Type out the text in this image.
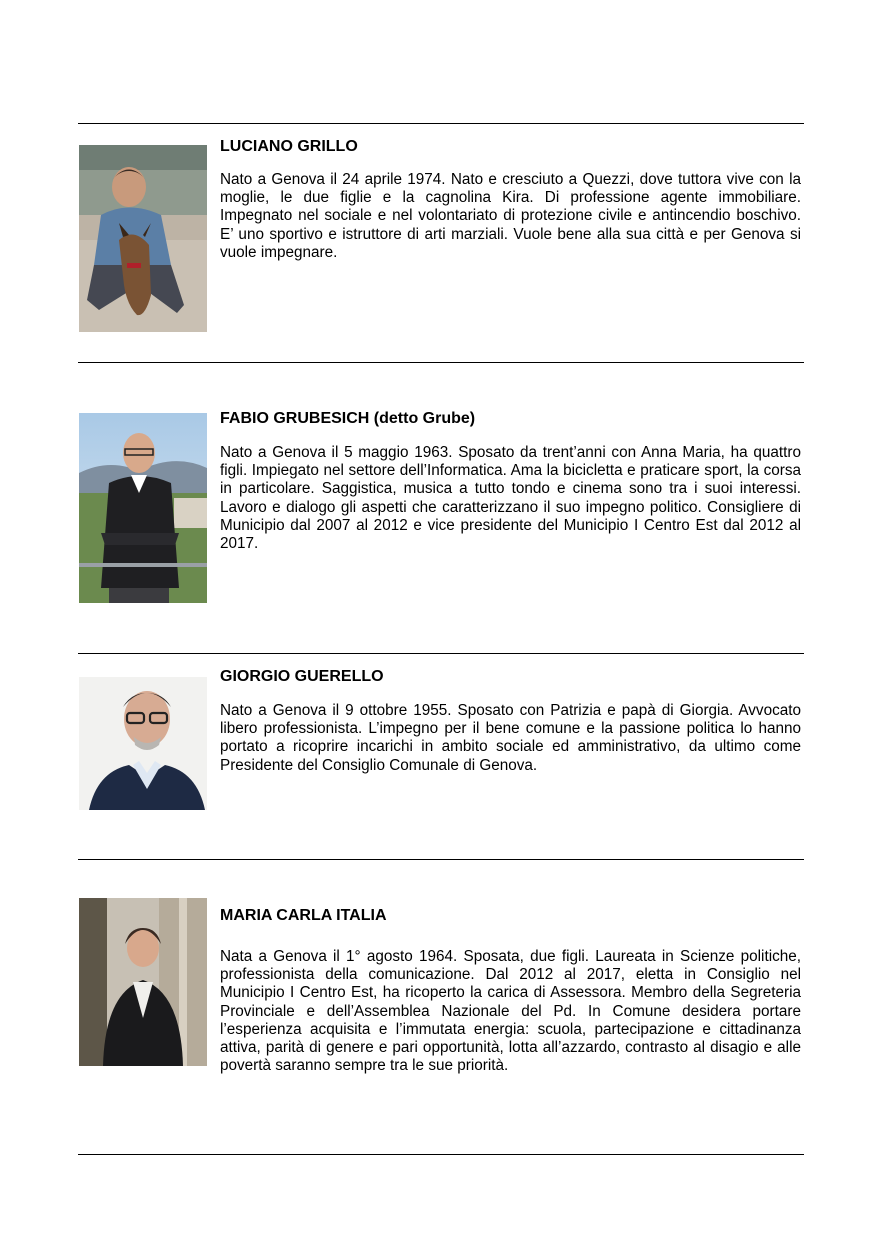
LUCIANO GRILLO

Nato a Genova il 24 aprile 1974. Nato e cresciuto a Quezzi, dove tuttora vive con la moglie, le due figlie e la cagnolina Kira. Di professione agente immobiliare. Impegnato nel sociale e nel volontariato di protezione civile e antincendio boschivo. E’ uno sportivo e istruttore di arti marziali. Vuole bene alla sua città e per Genova si vuole impegnare.

FABIO GRUBESICH (detto Grube)

Nato a Genova il 5 maggio 1963. Sposato da trent’anni con Anna Maria, ha quattro figli. Impiegato nel settore dell’Informatica. Ama la bicicletta e praticare sport, la corsa in particolare. Saggistica, musica a tutto tondo e cinema sono tra i suoi interessi. Lavoro e dialogo gli aspetti che caratterizzano il suo impegno politico. Consigliere di Municipio dal 2007 al 2012 e vice presidente del Municipio I Centro Est dal 2012 al 2017.

GIORGIO GUERELLO

Nato a Genova il 9 ottobre 1955. Sposato con Patrizia e papà di Giorgia. Avvocato libero professionista. L’impegno per il bene comune e la passione politica lo hanno portato a ricoprire incarichi in ambito sociale ed amministrativo, da ultimo come Presidente del Consiglio Comunale di Genova.

MARIA CARLA ITALIA

Nata a Genova il 1° agosto 1964. Sposata, due figli. Laureata in Scienze politiche, professionista della comunicazione. Dal 2012 al 2017, eletta in Consiglio nel Municipio I Centro Est, ha ricoperto la carica di Assessora. Membro della Segreteria Provinciale e dell’Assemblea Nazionale del Pd. In Comune desidera portare l’esperienza acquisita e l’immutata energia: scuola, partecipazione e cittadinanza attiva, parità di genere e pari opportunità, lotta all’azzardo, contrasto al disagio e alle povertà saranno sempre tra le sue priorità.
